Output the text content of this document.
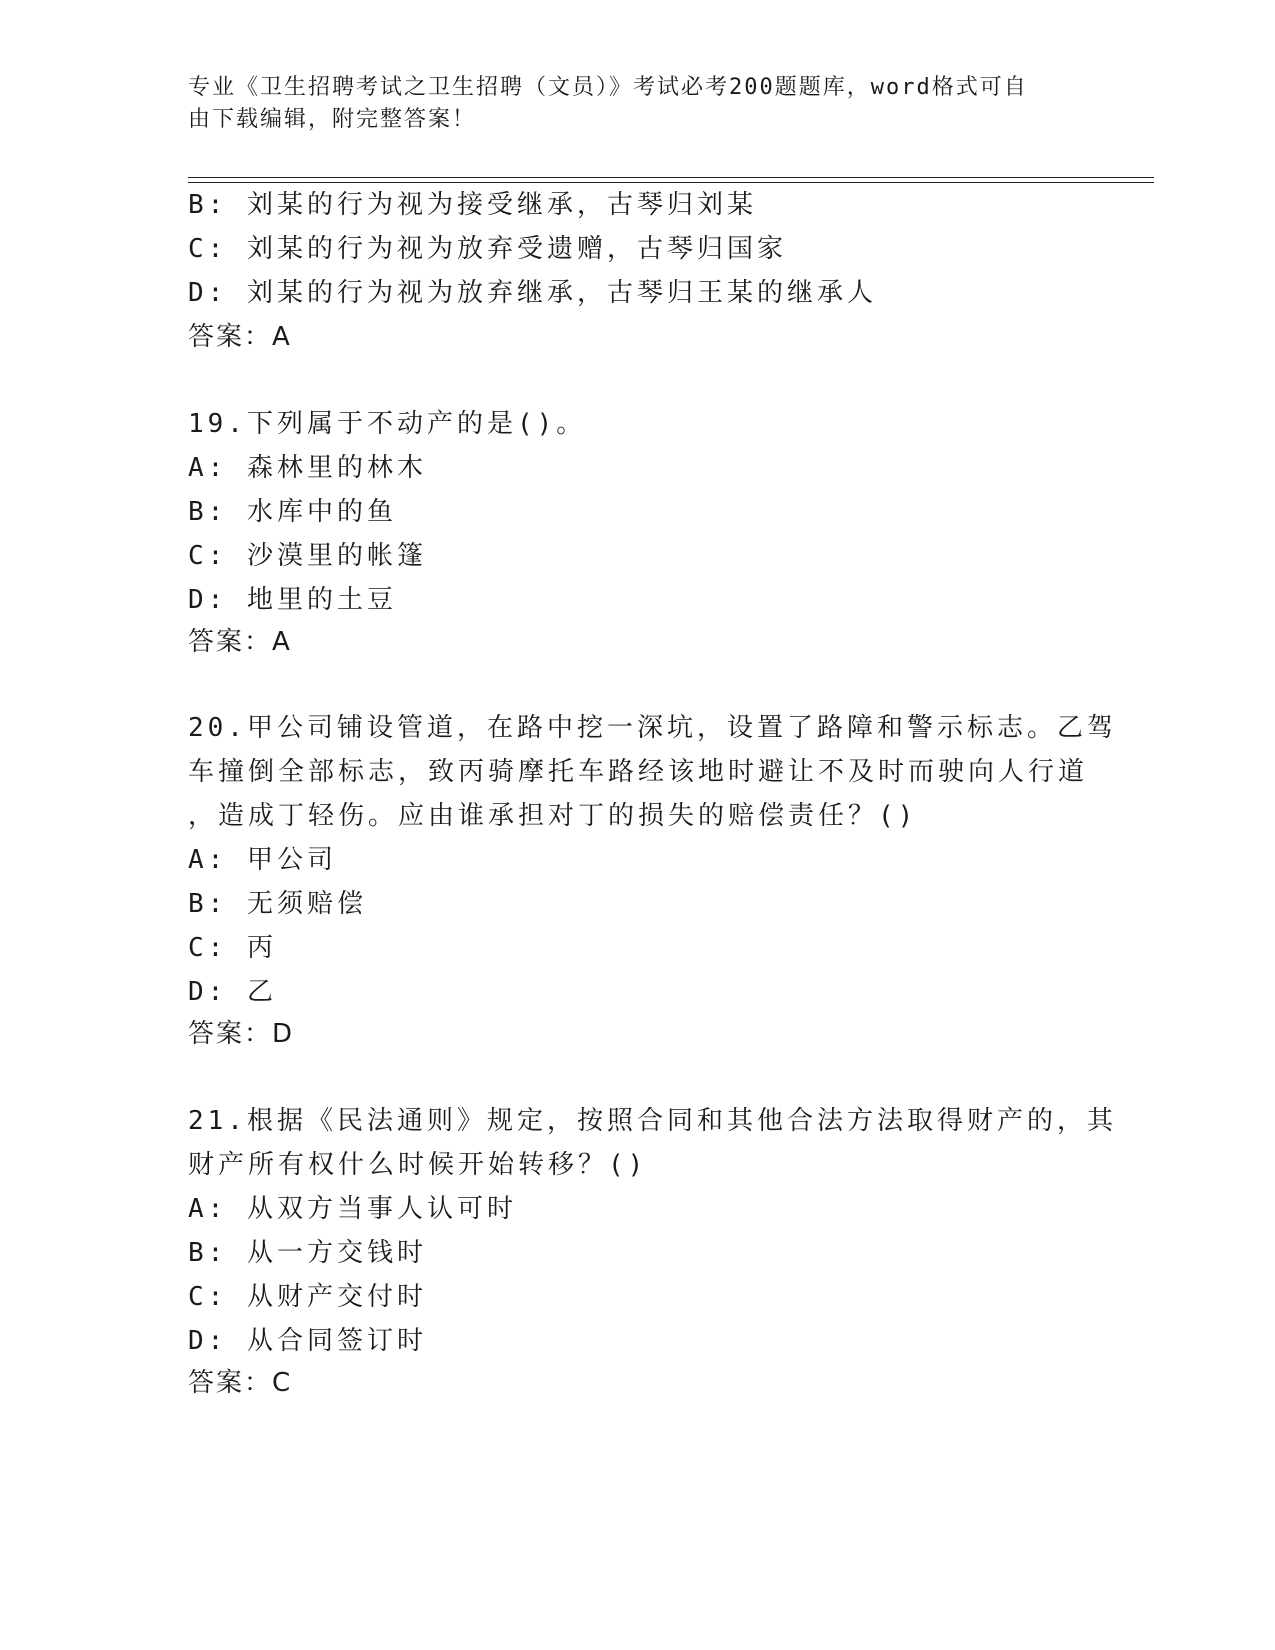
专业《卫生招聘考试之卫生招聘（文员）》考试必考200题题库，word格式可自
由下载编辑，附完整答案！
B: 刘某的行为视为接受继承，古琴归刘某
C: 刘某的行为视为放弃受遗赠，古琴归国家
D: 刘某的行为视为放弃继承，古琴归王某的继承人
答案：A
19.下列属于不动产的是()。
A: 森林里的林木
B: 水库中的鱼
C: 沙漠里的帐篷
D: 地里的土豆
答案：A
20.甲公司铺设管道，在路中挖一深坑，设置了路障和警示标志。乙驾
车撞倒全部标志，致丙骑摩托车路经该地时避让不及时而驶向人行道
，造成丁轻伤。应由谁承担对丁的损失的赔偿责任？()
A: 甲公司
B: 无须赔偿
C: 丙
D: 乙
答案：D
21.根据《民法通则》规定，按照合同和其他合法方法取得财产的，其
财产所有权什么时候开始转移？()
A: 从双方当事人认可时
B: 从一方交钱时
C: 从财产交付时
D: 从合同签订时
答案：C
